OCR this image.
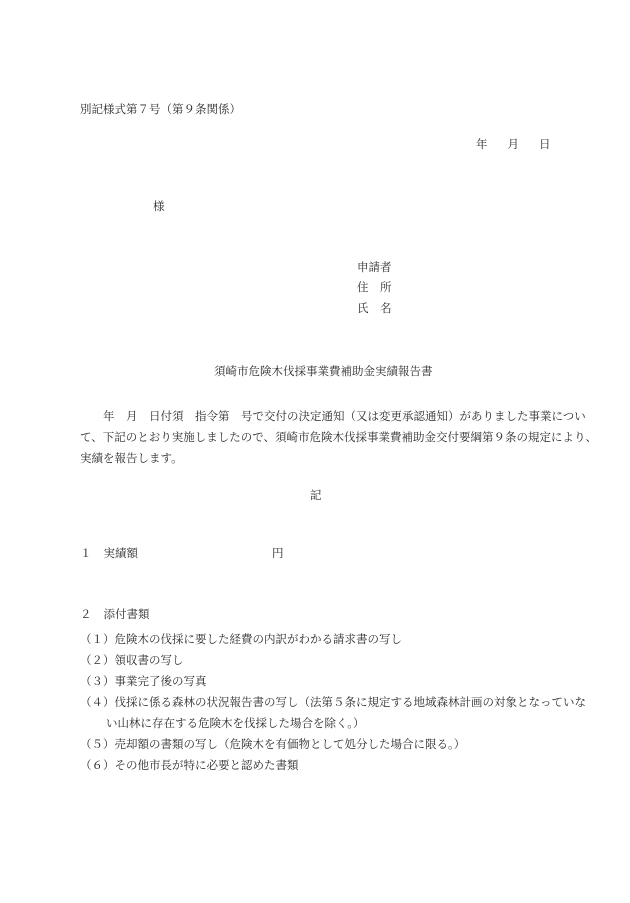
別記様式第７号（第９条関係）
年 月 日
様
申請者
住　所
氏　名
須崎市危険木伐採事業費補助金実績報告書
　　年　月　日付須　指令第　号で交付の決定通知（又は変更承認通知）がありました事業につい
て、下記のとおり実施しましたので、須崎市危険木伐採事業費補助金交付要綱第９条の規定により、
実績を報告します。
記
１ 実績額	円
２ 添付書類
（１）危険木の伐採に要した経費の内訳がわかる請求書の写し
（２）領収書の写し
（３）事業完了後の写真
（４）伐採に係る森林の状況報告書の写し（法第５条に規定する地域森林計画の対象となっていな
い山林に存在する危険木を伐採した場合を除く。）
（５）売却額の書類の写し（危険木を有価物として処分した場合に限る。）
（６）その他市長が特に必要と認めた書類
